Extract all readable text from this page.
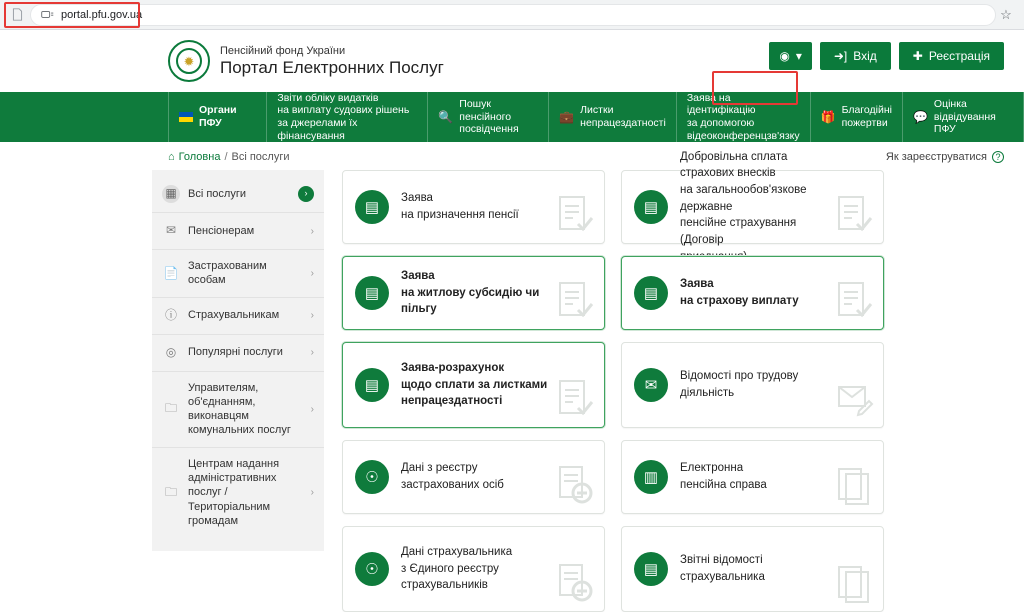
portal.pfu.gov.ua	☆
✹
Пенсійний фонд України
Портал Електронних Послуг
◉ ▾	➜] Вхід	✚ Реєстрація
Органи ПФУ
Звіти обліку видатків
на виплату судових рішень
за джерелами їх фінансування
🔍
Пошук пенсійного
посвідчення
💼 Листки
непрацездатності
Заява на ідентифікацію
за допомогою
відеоконференцзв'язку
🎁 Благодійні
пожертви	💬
Оцінка
відвідування ПФУ
⌂ Головна / Всі послуги	Як зареєструватися ?
▦	Всі послуги	›
✉	Пенсіонерам	›
📄 Застрахованим особам
›
ⓘ Страхувальникам	›
◎	Популярні послуги	›
🗀
Управителям, об'єднанням, виконавцям комунальних послуг
›
🗀
Центрам надання адміністративних послуг / Територіальним громадам
›
▤
Заява
на призначення пенсії	▤
Добровільна сплата страхових внесків
на загальнообов'язкове державне
пенсійне страхування (Договір
▤
Заява
на житлову субсидію чи пільгу
▤
Заява
на страхову виплату
▤
Заява-розрахунок
щодо сплати за листками
непрацездатності
✉
Відомості про трудову діяльність
☉
Дані з реєстру
застрахованих осіб	▥
Електронна
пенсійна справа
☉
Дані страхувальника
з Єдиного реєстру
страхувальників
▤
Звітні відомості
страхувальника
